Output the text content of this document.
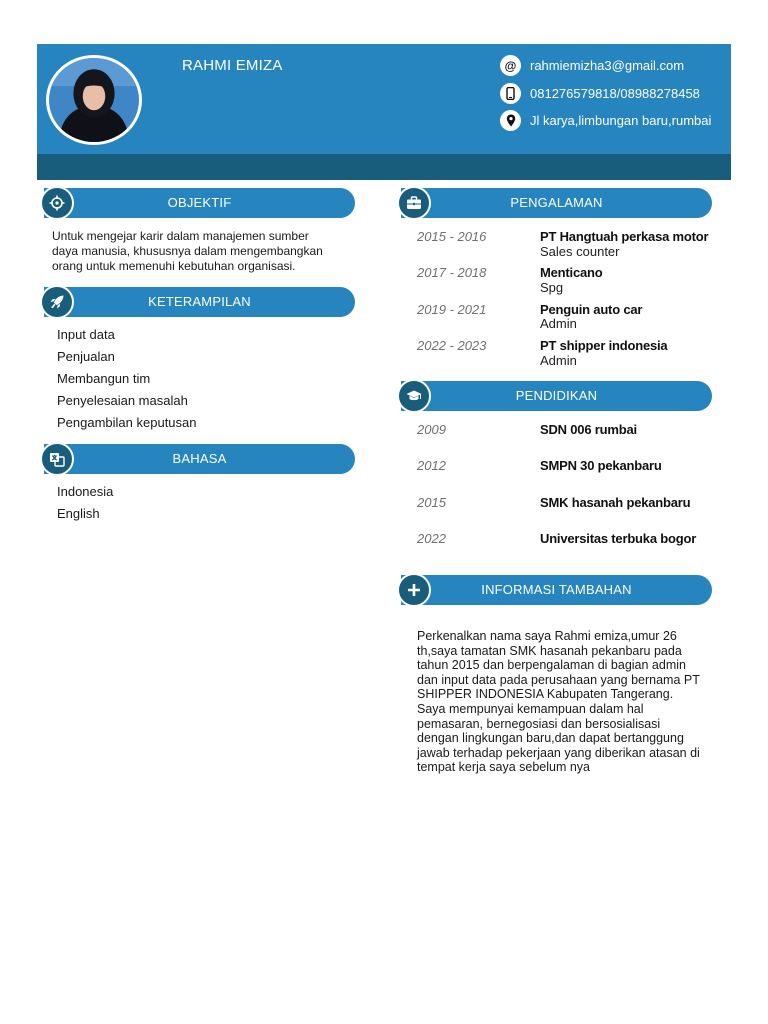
RAHMI EMIZA	@	rahmiemizha3@gmail.com
081276579818/08988278458
Jl karya,limbungan baru,rumbai
OBJEKTIF
Untuk mengejar karir dalam manajemen sumber
daya manusia, khususnya dalam mengembangkan
orang untuk memenuhi kebutuhan organisasi.
KETERAMPILAN
Input data
Penjualan
Membangun tim
Penyelesaian masalah
Pengambilan keputusan
BAHASA
Indonesia
English
PENGALAMAN
2015 - 2016	PT Hangtuah perkasa motor
Sales counter
2017 - 2018	Menticano
Spg
2019 - 2021	Penguin auto car
Admin
2022 - 2023	PT shipper indonesia
Admin
PENDIDIKAN
2009	SDN 006 rumbai
2012	SMPN 30 pekanbaru
2015	SMK hasanah pekanbaru
2022	Universitas terbuka bogor
INFORMASI TAMBAHAN
Perkenalkan nama saya Rahmi emiza,umur 26
th,saya tamatan SMK hasanah pekanbaru pada
tahun 2015 dan berpengalaman di bagian admin
dan input data pada perusahaan yang bernama PT
SHIPPER INDONESIA Kabupaten Tangerang.
Saya mempunyai kemampuan dalam hal
pemasaran, bernegosiasi dan bersosialisasi
dengan lingkungan baru,dan dapat bertanggung
jawab terhadap pekerjaan yang diberikan atasan di
tempat kerja saya sebelum nya
